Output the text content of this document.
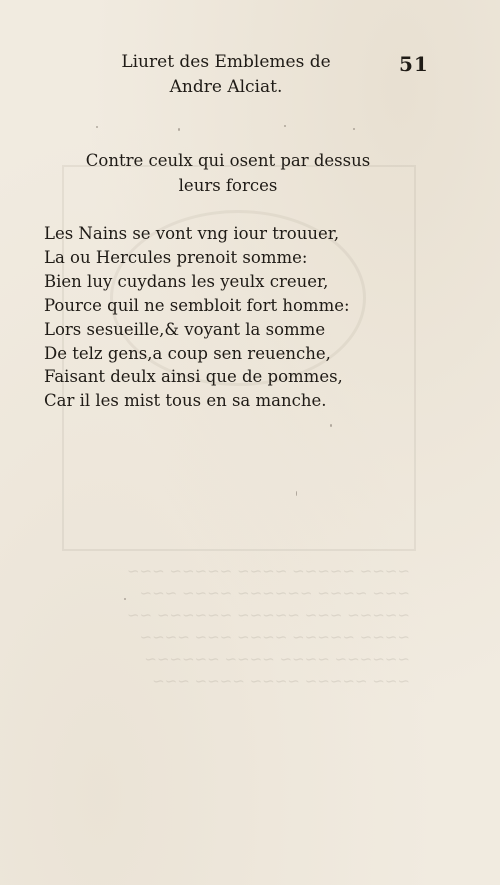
~~~~ ~~~~~ ~~~~ ~~~~~ ~~~
~~~ ~~~~ ~~~~~~ ~~~~ ~~~
~~~~~ ~~~ ~~~~~ ~~~~~~ ~~
~~~~ ~~~~~ ~~~~ ~~~ ~~~~
~~~~~~ ~~~~ ~~~~ ~~~~~~
~~~ ~~~~~ ~~~~ ~~~~ ~~~
Liuret des Emblemes de
Andre Alciat.
51
Contre ceulx qui osent par dessus
leurs forces
Les Nains se vont vng iour trouuer,
La ou Hercules prenoit somme:
Bien luy cuydans les yeulx creuer,
Pource quil ne sembloit fort homme:
Lors sesueille,& voyant la somme
De telz gens,a coup sen reuenche,
Faisant deulx ainsi que de pommes,
Car il les mist tous en sa manche.
